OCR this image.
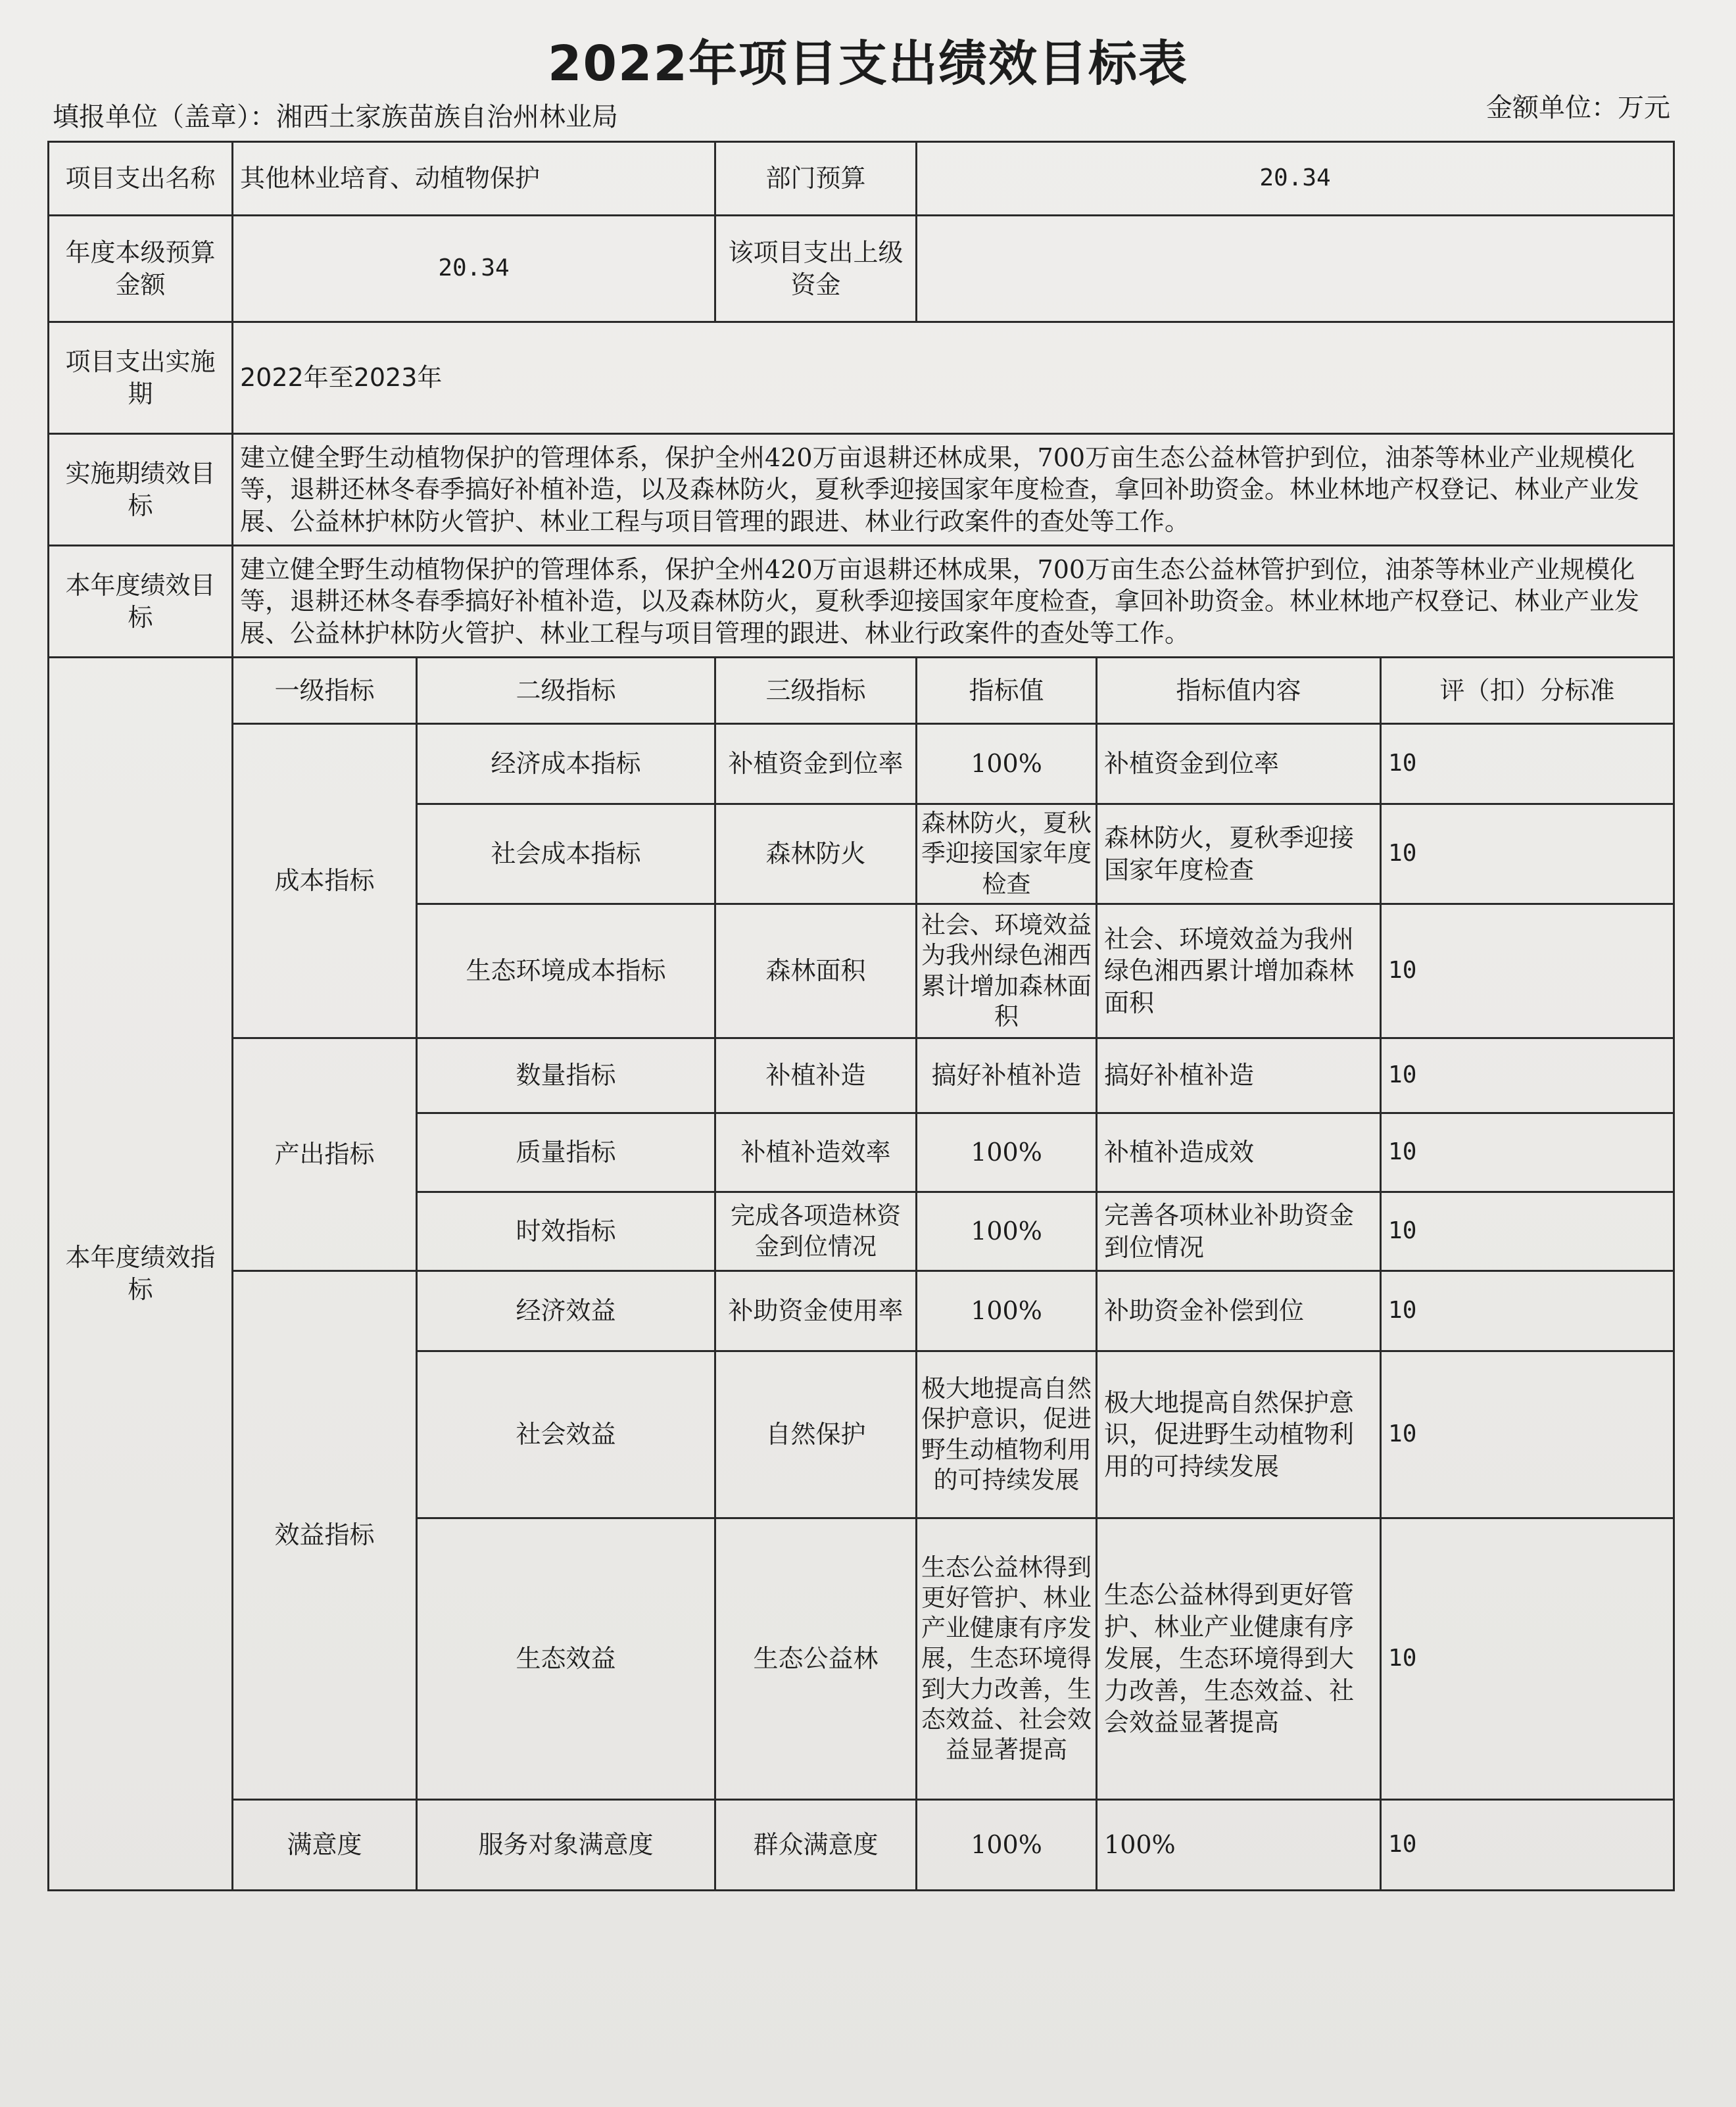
2022年项目支出绩效目标表
填报单位（盖章）：湘西土家族苗族自治州林业局	金额单位：万元
项目支出名称	其他林业培育、动植物保护		部门预算	20.34		
年度本级预算金额	20.34		该项目支出上级资金			
项目支出实施期	2022年至2023年					
实施期绩效目标	建立健全野生动植物保护的管理体系，保护全州420万亩退耕还林成果，700万亩生态公益林管护到位，油茶等林业产业规模化等，退耕还林冬春季搞好补植补造，以及森林防火，夏秋季迎接国家年度检查，拿回补助资金。林业林地产权登记、林业产业发展、公益林护林防火管护、林业工程与项目管理的跟进、林业行政案件的查处等工作。					
本年度绩效目标	建立健全野生动植物保护的管理体系，保护全州420万亩退耕还林成果，700万亩生态公益林管护到位，油茶等林业产业规模化等，退耕还林冬春季搞好补植补造，以及森林防火，夏秋季迎接国家年度检查，拿回补助资金。林业林地产权登记、林业产业发展、公益林护林防火管护、林业工程与项目管理的跟进、林业行政案件的查处等工作。					
本年度绩效指标	一级指标	二级指标	三级指标	指标值	指标值内容	评（扣）分标准
	成本指标	经济成本指标	补植资金到位率	100%	补植资金到位率	10
		社会成本指标	森林防火	森林防火，夏秋季迎接国家年度检查	森林防火，夏秋季迎接国家年度检查	10
		生态环境成本指标	森林面积	社会、环境效益为我州绿色湘西累计增加森林面积	社会、环境效益为我州绿色湘西累计增加森林面积	10
	产出指标	数量指标	补植补造	搞好补植补造	搞好补植补造	10
		质量指标	补植补造效率	100%	补植补造成效	10
		时效指标	完成各项造林资金到位情况	100%	完善各项林业补助资金到位情况	10
	效益指标	经济效益	补助资金使用率	100%	补助资金补偿到位	10
		社会效益	自然保护	极大地提高自然保护意识，促进野生动植物利用的可持续发展	极大地提高自然保护意识，促进野生动植物利用的可持续发展	10
		生态效益	生态公益林	生态公益林得到更好管护、林业产业健康有序发展，生态环境得到大力改善，生态效益、社会效益显著提高	生态公益林得到更好管护、林业产业健康有序发展，生态环境得到大力改善，生态效益、社会效益显著提高	10
	满意度	服务对象满意度	群众满意度	100%	100%	10
